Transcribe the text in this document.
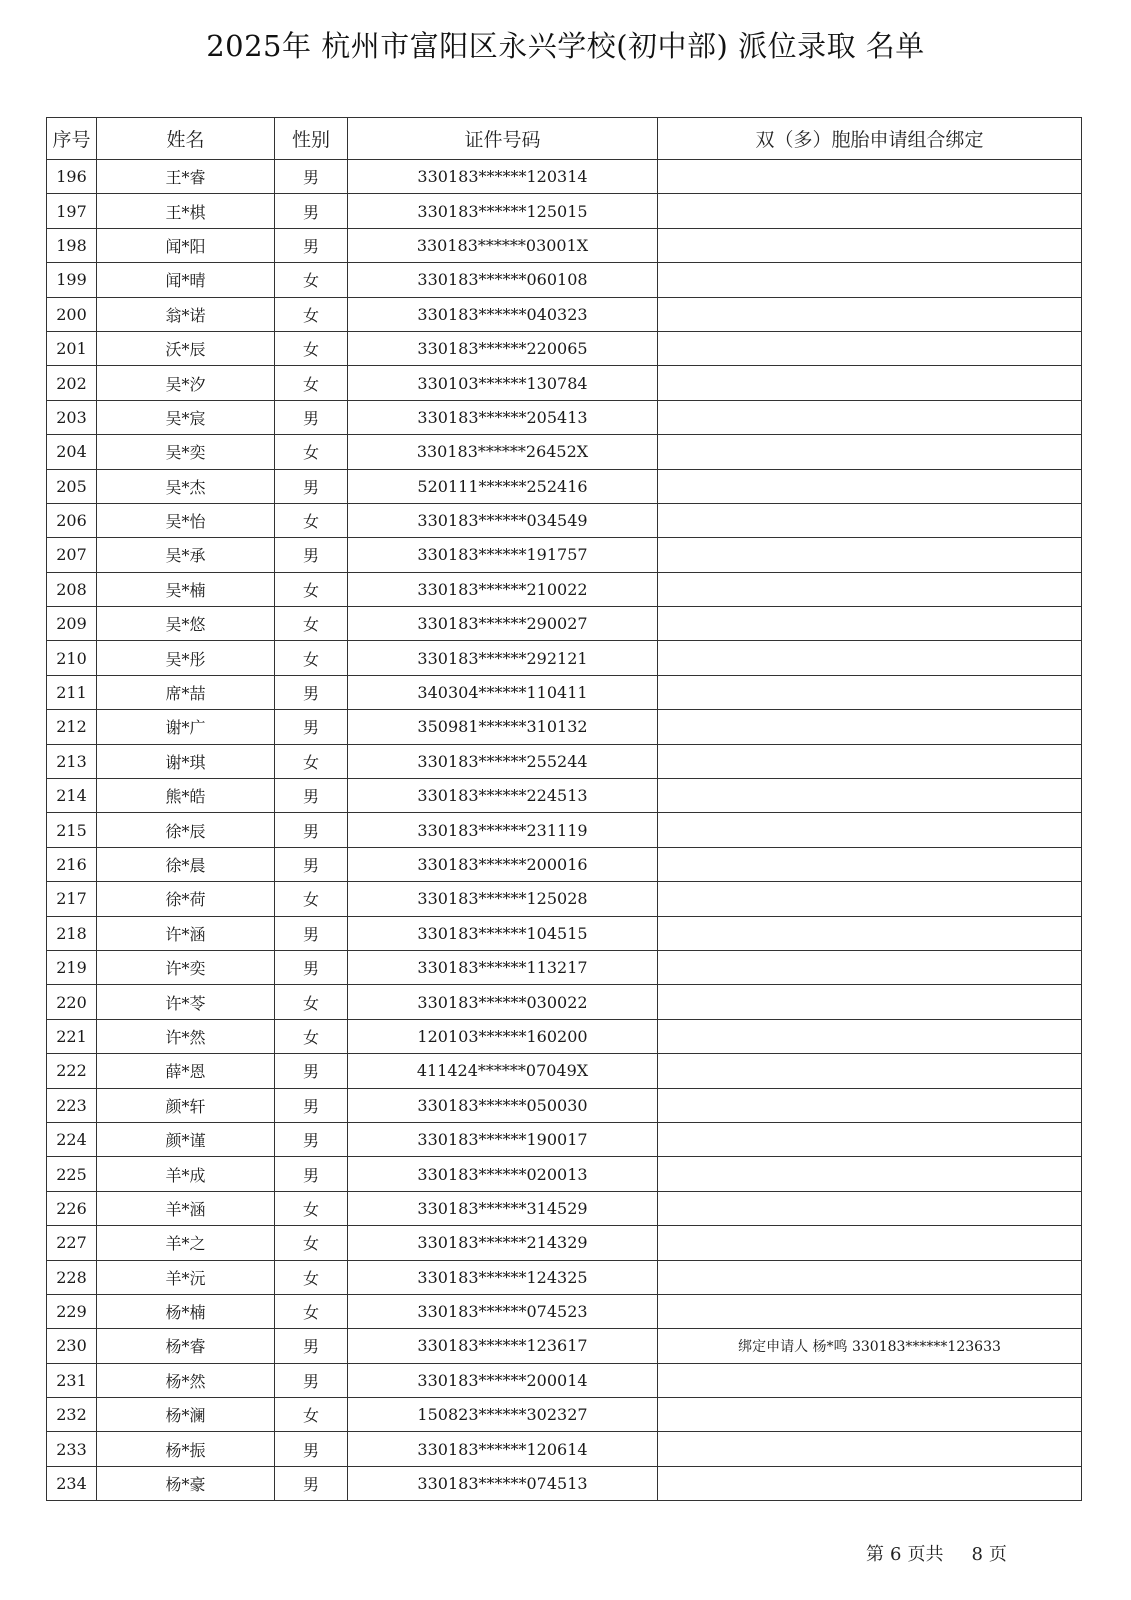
2025年 杭州市富阳区永兴学校(初中部) 派位录取 名单
序号	姓名	性别	证件号码	双（多）胞胎申请组合绑定
196	王*睿	男	330183******120314	
197	王*棋	男	330183******125015	
198	闻*阳	男	330183******03001X	
199	闻*晴	女	330183******060108	
200	翁*诺	女	330183******040323	
201	沃*辰	女	330183******220065	
202	吴*汐	女	330103******130784	
203	吴*宸	男	330183******205413	
204	吴*奕	女	330183******26452X	
205	吴*杰	男	520111******252416	
206	吴*怡	女	330183******034549	
207	吴*承	男	330183******191757	
208	吴*楠	女	330183******210022	
209	吴*悠	女	330183******290027	
210	吴*彤	女	330183******292121	
211	席*喆	男	340304******110411	
212	谢*广	男	350981******310132	
213	谢*琪	女	330183******255244	
214	熊*皓	男	330183******224513	
215	徐*辰	男	330183******231119	
216	徐*晨	男	330183******200016	
217	徐*荷	女	330183******125028	
218	许*涵	男	330183******104515	
219	许*奕	男	330183******113217	
220	许*苓	女	330183******030022	
221	许*然	女	120103******160200	
222	薛*恩	男	411424******07049X	
223	颜*轩	男	330183******050030	
224	颜*谨	男	330183******190017	
225	羊*成	男	330183******020013	
226	羊*涵	女	330183******314529	
227	羊*之	女	330183******214329	
228	羊*沅	女	330183******124325	
229	杨*楠	女	330183******074523	
230	杨*睿	男	330183******123617	绑定申请人 杨*鸣 330183******123633
231	杨*然	男	330183******200014	
232	杨*澜	女	150823******302327	
233	杨*振	男	330183******120614	
234	杨*豪	男	330183******074513	
第 6 页共 8 页
